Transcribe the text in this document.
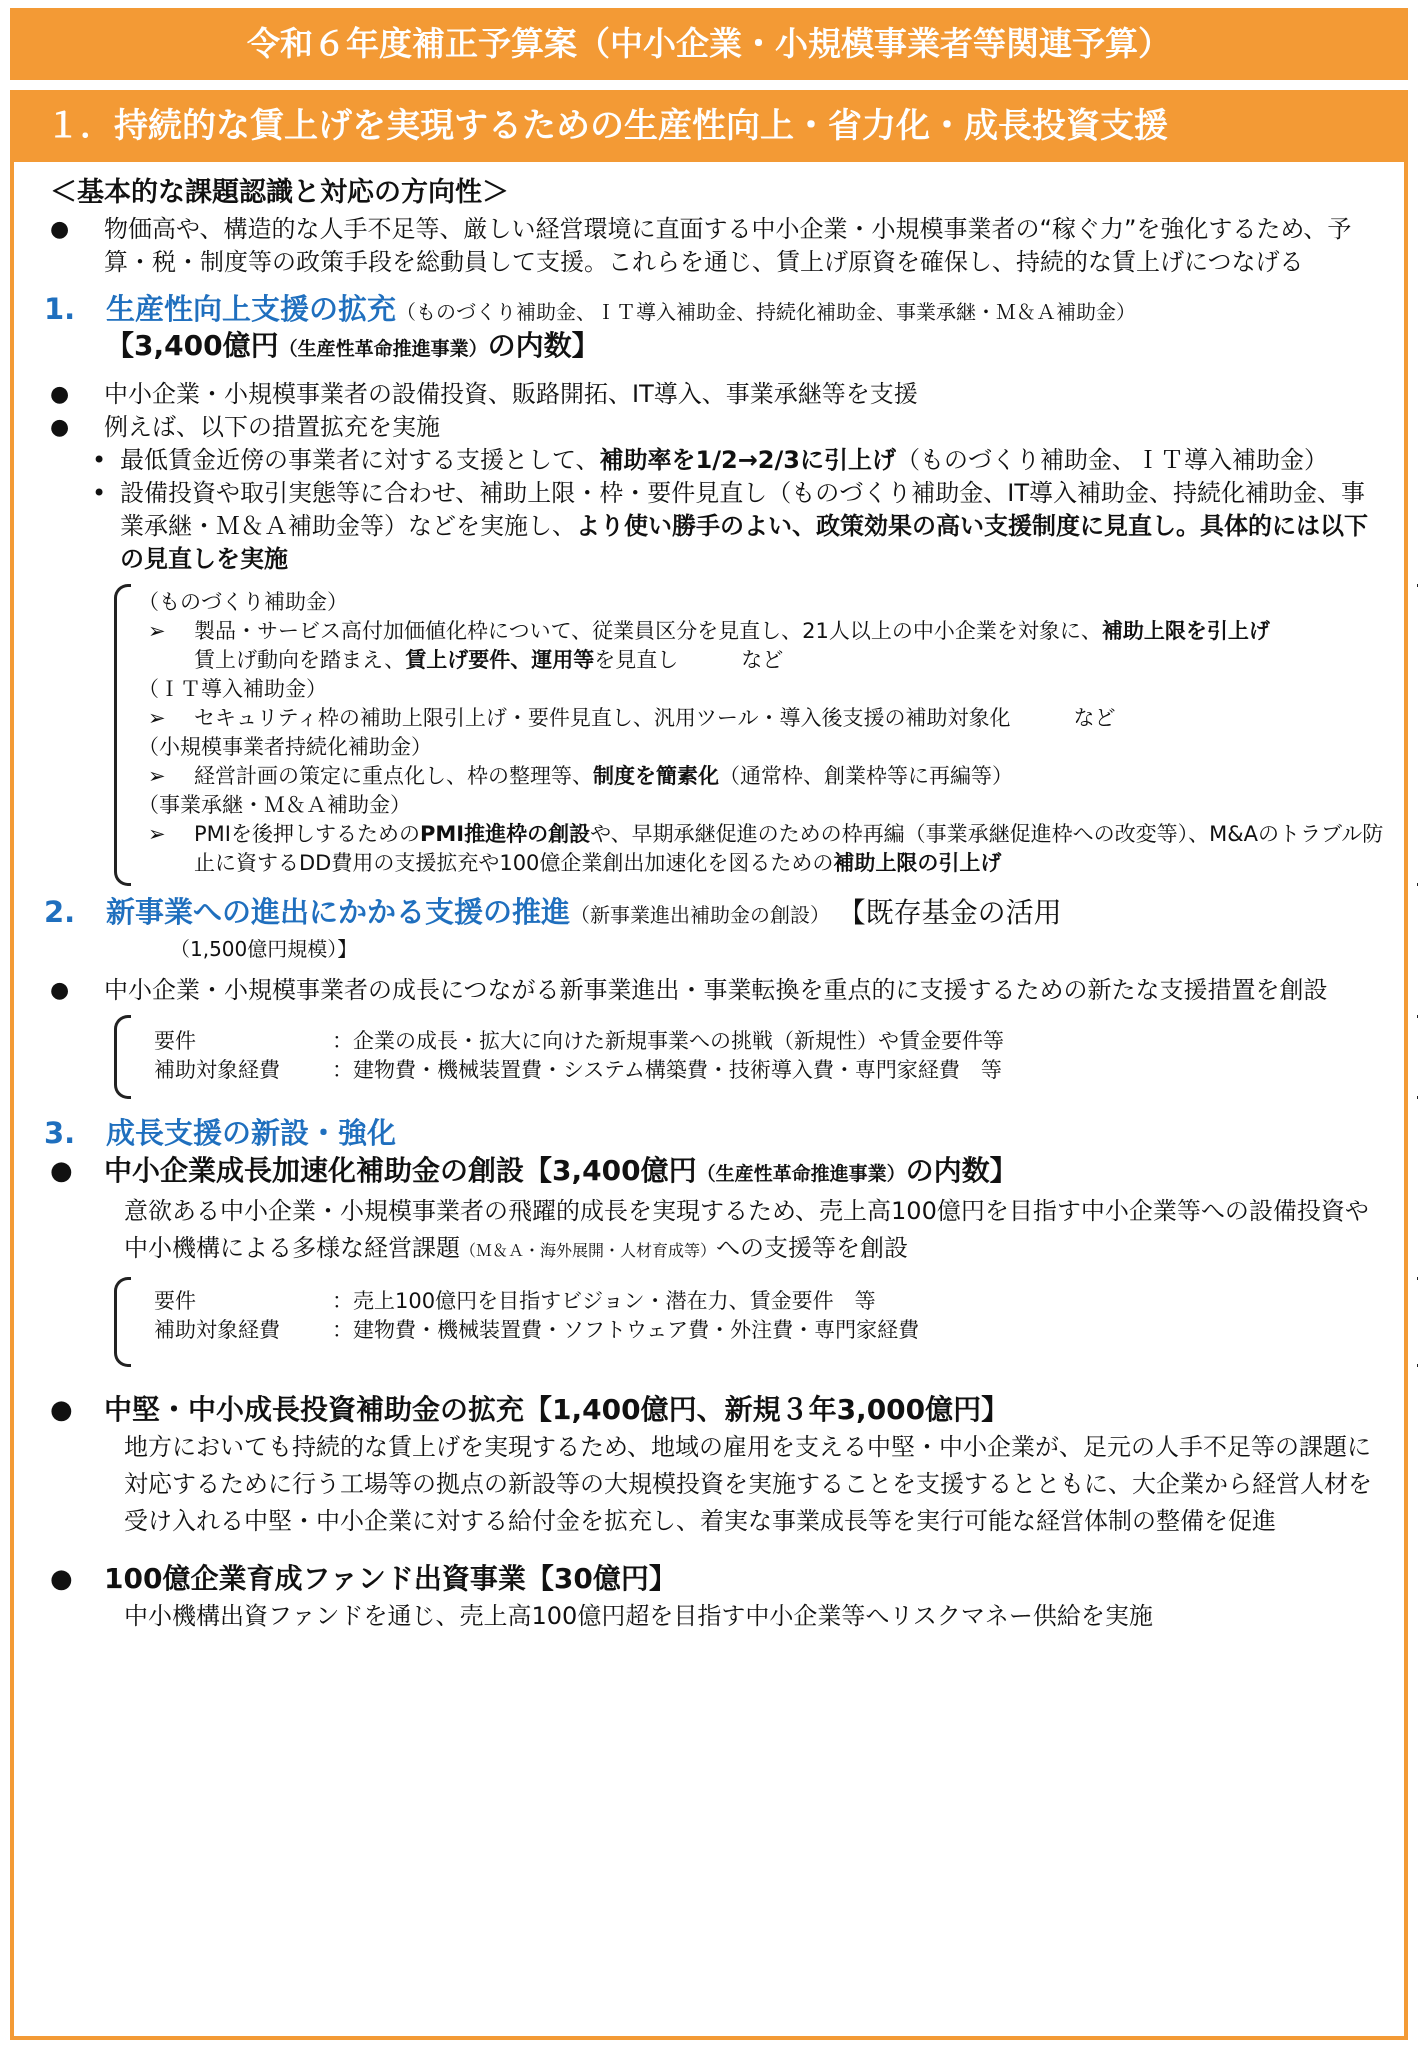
令和６年度補正予算案（中小企業・小規模事業者等関連予算）
１．持続的な賃上げを実現するための生産性向上・省力化・成長投資支援
＜基本的な課題認識と対応の方向性＞

● 物価高や、構造的な人手不足等、厳しい経営環境に直面する中小企業・小規模事業者の“稼ぐ力”を強化するため、予算・税・制度等の政策手段を総動員して支援。これらを通じ、賃上げ原資を確保し、持続的な賃上げにつなげる

1. 生産性向上支援の拡充（ものづくり補助金、ＩＴ導入補助金、持続化補助金、事業承継・Ｍ＆Ａ補助金）
【3,400億円（生産性革命推進事業）の内数】

● 中小企業・小規模事業者の設備投資、販路開拓、IT導入、事業承継等を支援

● 例えば、以下の措置拡充を実施

• 最低賃金近傍の事業者に対する支援として、補助率を1/2→2/3に引上げ（ものづくり補助金、ＩＴ導入補助金）

• 設備投資や取引実態等に合わせ、補助上限・枠・要件見直し（ものづくり補助金、IT導入補助金、持続化補助金、事業承継・Ｍ＆Ａ補助金等）などを実施し、より使い勝手のよい、政策効果の高い支援制度に見直し。具体的には以下の見直しを実施

（ものづくり補助金）
➢ 製品・サービス高付加価値化枠について、従業員区分を見直し、21人以上の中小企業を対象に、補助上限を引上げ
賃上げ動向を踏まえ、賃上げ要件、運用等を見直し　　　など
（ＩＴ導入補助金）
➢ セキュリティ枠の補助上限引上げ・要件見直し、汎用ツール・導入後支援の補助対象化　　　など
（小規模事業者持続化補助金）
➢ 経営計画の策定に重点化し、枠の整理等、制度を簡素化（通常枠、創業枠等に再編等）
（事業承継・Ｍ＆Ａ補助金）
➢ PMIを後押しするためのPMI推進枠の創設や、早期承継促進のための枠再編（事業承継促進枠への改変等）、M&Aのトラブル防止に資するDD費用の支援拡充や100億企業創出加速化を図るための補助上限の引上げ
2. 新事業への進出にかかる支援の推進（新事業進出補助金の創設） 【既存基金の活用
（1,500億円規模）】

● 中小企業・小規模事業者の成長につながる新事業進出・事業転換を重点的に支援するための新たな支援措置を創設

要件	：企業の成長・拡大に向けた新規事業への挑戦（新規性）や賃金要件等
補助対象経費 ：建物費・機械装置費・システム構築費・技術導入費・専門家経費　等
3. 成長支援の新設・強化

● 中小企業成長加速化補助金の創設【3,400億円（生産性革命推進事業）の内数】

意欲ある中小企業・小規模事業者の飛躍的成長を実現するため、売上高100億円を目指す中小企業等への設備投資や中小機構による多様な経営課題（Ｍ＆Ａ・海外展開・人材育成等）への支援等を創設

要件	：売上100億円を目指すビジョン・潜在力、賃金要件　等
補助対象経費 ：建物費・機械装置費・ソフトウェア費・外注費・専門家経費

● 中堅・中小成長投資補助金の拡充【1,400億円、新規３年3,000億円】

地方においても持続的な賃上げを実現するため、地域の雇用を支える中堅・中小企業が、足元の人手不足等の課題に対応するために行う工場等の拠点の新設等の大規模投資を実施することを支援するとともに、大企業から経営人材を受け入れる中堅・中小企業に対する給付金を拡充し、着実な事業成長等を実行可能な経営体制の整備を促進

● 100億企業育成ファンド出資事業【30億円】

中小機構出資ファンドを通じ、売上高100億円超を目指す中小企業等へリスクマネー供給を実施
